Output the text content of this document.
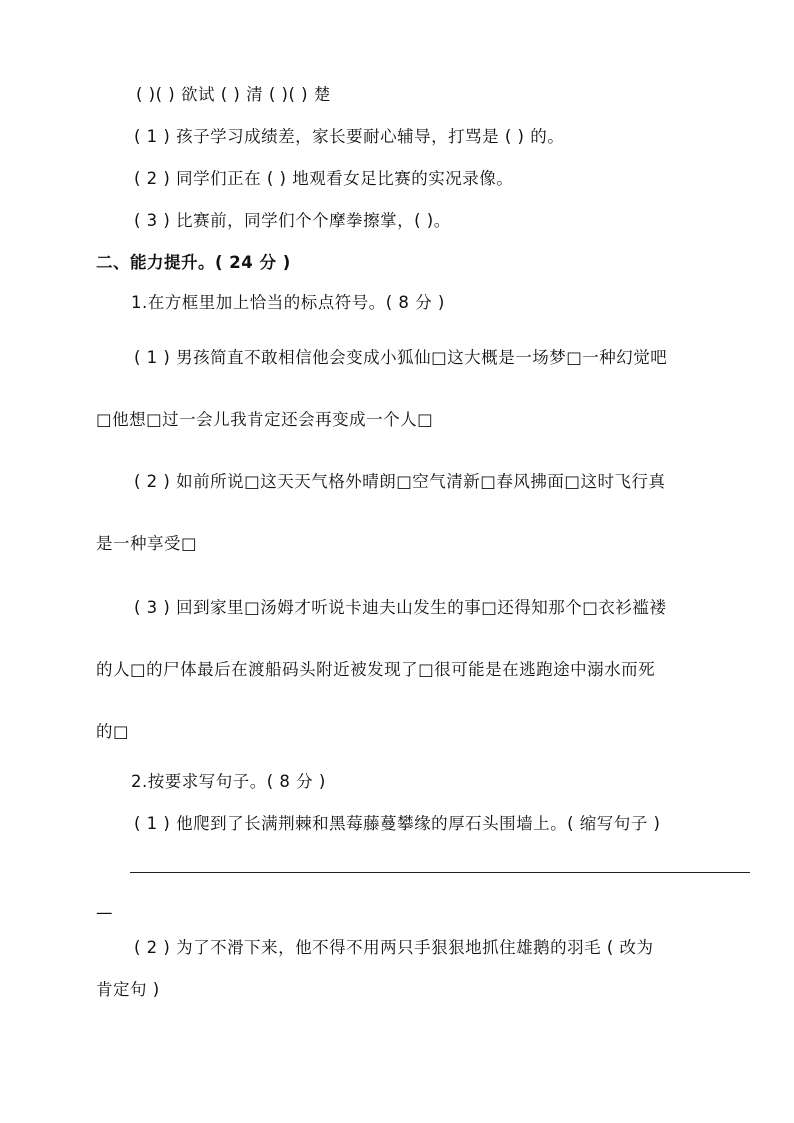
( )( ) 欲试 ( ) 清 ( )( ) 楚
( 1 ) 孩子学习成绩差，家长要耐心辅导，打骂是 ( ) 的。
( 2 ) 同学们正在 ( ) 地观看女足比赛的实况录像。
( 3 ) 比赛前，同学们个个摩拳擦掌，( )。
二、能力提升。( 24 分 )
1.在方框里加上恰当的标点符号。( 8 分 )
( 1 ) 男孩简直不敢相信他会变成小狐仙□这大概是一场梦□一种幻觉吧
□他想□过一会儿我肯定还会再变成一个人□
( 2 ) 如前所说□这天天气格外晴朗□空气清新□春风拂面□这时飞行真
是一种享受□
( 3 ) 回到家里□汤姆才听说卡迪夫山发生的事□还得知那个□衣衫褴褛
的人□的尸体最后在渡船码头附近被发现了□很可能是在逃跑途中溺水而死
的□
2.按要求写句子。( 8 分 )
( 1 ) 他爬到了长满荆棘和黑莓藤蔓攀缘的厚石头围墙上。( 缩写句子 )
—
( 2 ) 为了不滑下来，他不得不用两只手狠狠地抓住雄鹅的羽毛 ( 改为
肯定句 )
